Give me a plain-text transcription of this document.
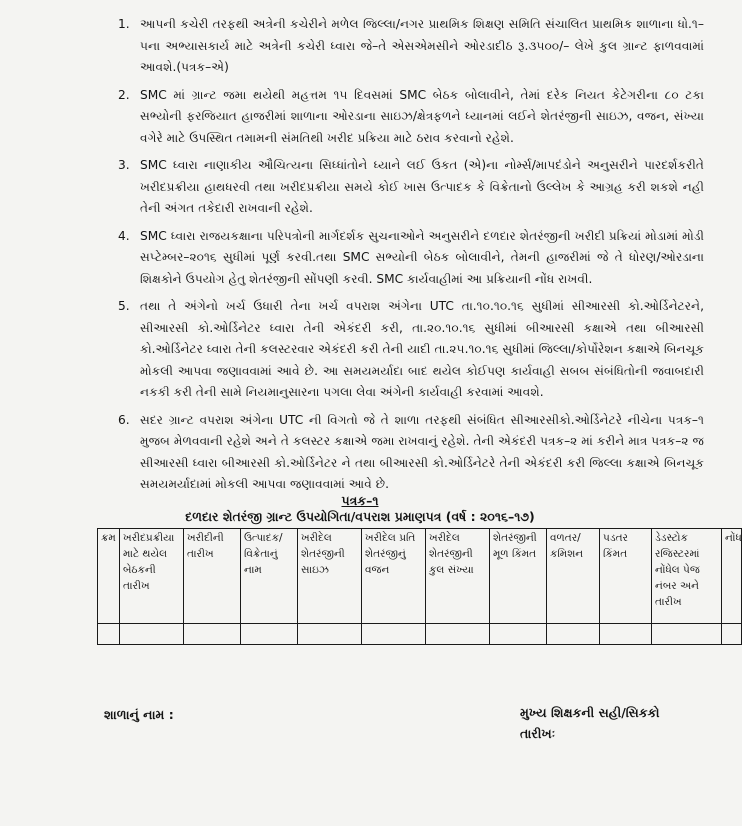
1. આપની કચેરી તરફથી અત્રેની કચેરીને મળેલ જિલ્લા/નગર પ્રાથમિક શિક્ષણ સમિતિ સંચાલિત પ્રાથમિક શાળાના ધો.૧–૫ના અભ્યાસકાર્ય માટે અત્રેની કચેરી ધ્વારા જે–તે એસએમસીને ઓરડાદીઠ રૂ.૩૫૦૦/– લેખે કુલ ગ્રાન્ટ ફાળવવામાં આવશે.(પત્રક–એ)
2. SMC માં ગ્રાન્ટ જમા થયેથી મહત્તમ ૧૫ દિવસમાં SMC બેઠક બોલાવીને, તેમાં દરેક નિયત કેટેગરીના ૮૦ ટકા સભ્યોની ફરજિયાત હાજરીમાં શાળાના ઓરડાના સાઇઝ/ક્ષેત્રફળને ધ્યાનમાં લઈને શેતરંજીની સાઇઝ, વજન, સંખ્યા વગેરે માટે ઉપસ્થિત તમામની સંમતિથી ખરીદ પ્રક્રિયા માટે ઠરાવ કરવાનો રહેશે.
3. SMC ધ્વારા નાણાકીય ઔચિત્યના સિધ્ધાંતોને ધ્યાને લઈ ઉકત (એ)ના નોર્મ્સ/માપદંડોને અનુસરીને પારદર્શકરીતે ખરીદપ્રક્રીયા હાથધરવી તથા ખરીદપ્રક્રીયા સમયે કોઈ ખાસ ઉત્પાદક કે વિક્રેતાનો ઉલ્લેખ કે આગ્રહ કરી શકશે નહી તેની અંગત તકેદારી રાખવાની રહેશે.
4. SMC ધ્વારા રાજયકક્ષાના પરિપત્રોની માર્ગદર્શક સુચનાઓને અનુસરીને દળદાર શેતરંજીની ખરીદી પ્રક્રિયાં મોડામાં મોડી સપ્ટેમ્બર–૨૦૧૬ સુધીમાં પૂર્ણ કરવી.તથા SMC સભ્યોની બેઠક બોલાવીને, તેમની હાજરીમાં જે તે ધોરણ/ઓરડાના શિક્ષકોને ઉપયોગ હેતુ શેતરંજીની સોંપણી કરવી. SMC કાર્યવાહીમાં આ પ્રક્રિયાની નોંધ રાખવી.
5. તથા તે અંગેનો ખર્ચ ઉધારી તેના ખર્ચ વપરાશ અંગેના UTC તા.૧૦.૧૦.૧૬ સુધીમાં સીઆરસી કો.ઓર્ડિનેટરને, સીઆરસી કો.ઓર્ડિનેટર ધ્વારા તેની એકંદરી કરી, તા.૨૦.૧૦.૧૬ સુધીમાં બીઆરસી કક્ષાએ તથા બીઆરસી કો.ઓર્ડિનેટર ધ્વારા તેની કલસ્ટરવાર એકંદરી કરી તેની યાદી તા.૨૫.૧૦.૧૬ સુધીમાં જિલ્લા/કોર્પોરેશન કક્ષાએ બિનચૂક મોકલી આપવા જણાવવામાં આવે છે. આ સમયમર્યાદા બાદ થયેલ કોઈપણ કાર્યવાહી સબબ સંબંધિતોની જવાબદારી નકકી કરી તેની સામે નિયમાનુસારના પગલા લેવા અંગેની કાર્યવાહી કરવામાં આવશે.
6. સદર ગ્રાન્ટ વપરાશ અંગેના UTC ની વિગતો જે તે શાળા તરફથી સંબંધિત સીઆરસીકો.ઓર્ડિનેટરે નીચેના પત્રક–૧ મુજબ મેળવવાની રહેશે અને તે કલસ્ટર કક્ષાએ જમા રાખવાનું રહેશે. તેની એકંદરી પત્રક–૨ માં કરીને માત્ર પત્રક–૨ જ સીઆરસી ધ્વારા બીઆરસી કો.ઓર્ડિનેટર ને તથા બીઆરસી કો.ઓર્ડિનેટરે તેની એકંદરી કરી જિલ્લા કક્ષાએ બિનચૂક સમયમર્યાદામાં મોકલી આપવા જણાવવામાં આવે છે.
પત્રક–૧
દળદાર શેતરંજી ગ્રાન્ટ ઉપયોગિતા/વપરાશ પ્રમાણપત્ર (વર્ષ : ૨૦૧૬–૧૭)
ક્રમ	ખરીદપ્રક્રીયા માટે થયેલ બેઠકની તારીખ	ખરીદીની તારીખ	ઉત્પાદક/ વિક્રેતાનું નામ	ખરીદેલ શેતરંજીની સાઇઝ	ખરીદેલ પ્રતિ શેતરંજીનું વજન	ખરીદેલ શેતરંજીની કુલ સંખ્યા	શેતરંજીની મૂળ કિંમત	વળતર/ કમિશન	પડતર કિંમત	ડેડસ્ટોક રજિસ્ટરમાં નોંધેલ પેજ નંબર અને તારીખ	નોંધ

શાળાનું નામ :	મુખ્ય શિક્ષકની સહી/સિકકો
તારીખઃ
